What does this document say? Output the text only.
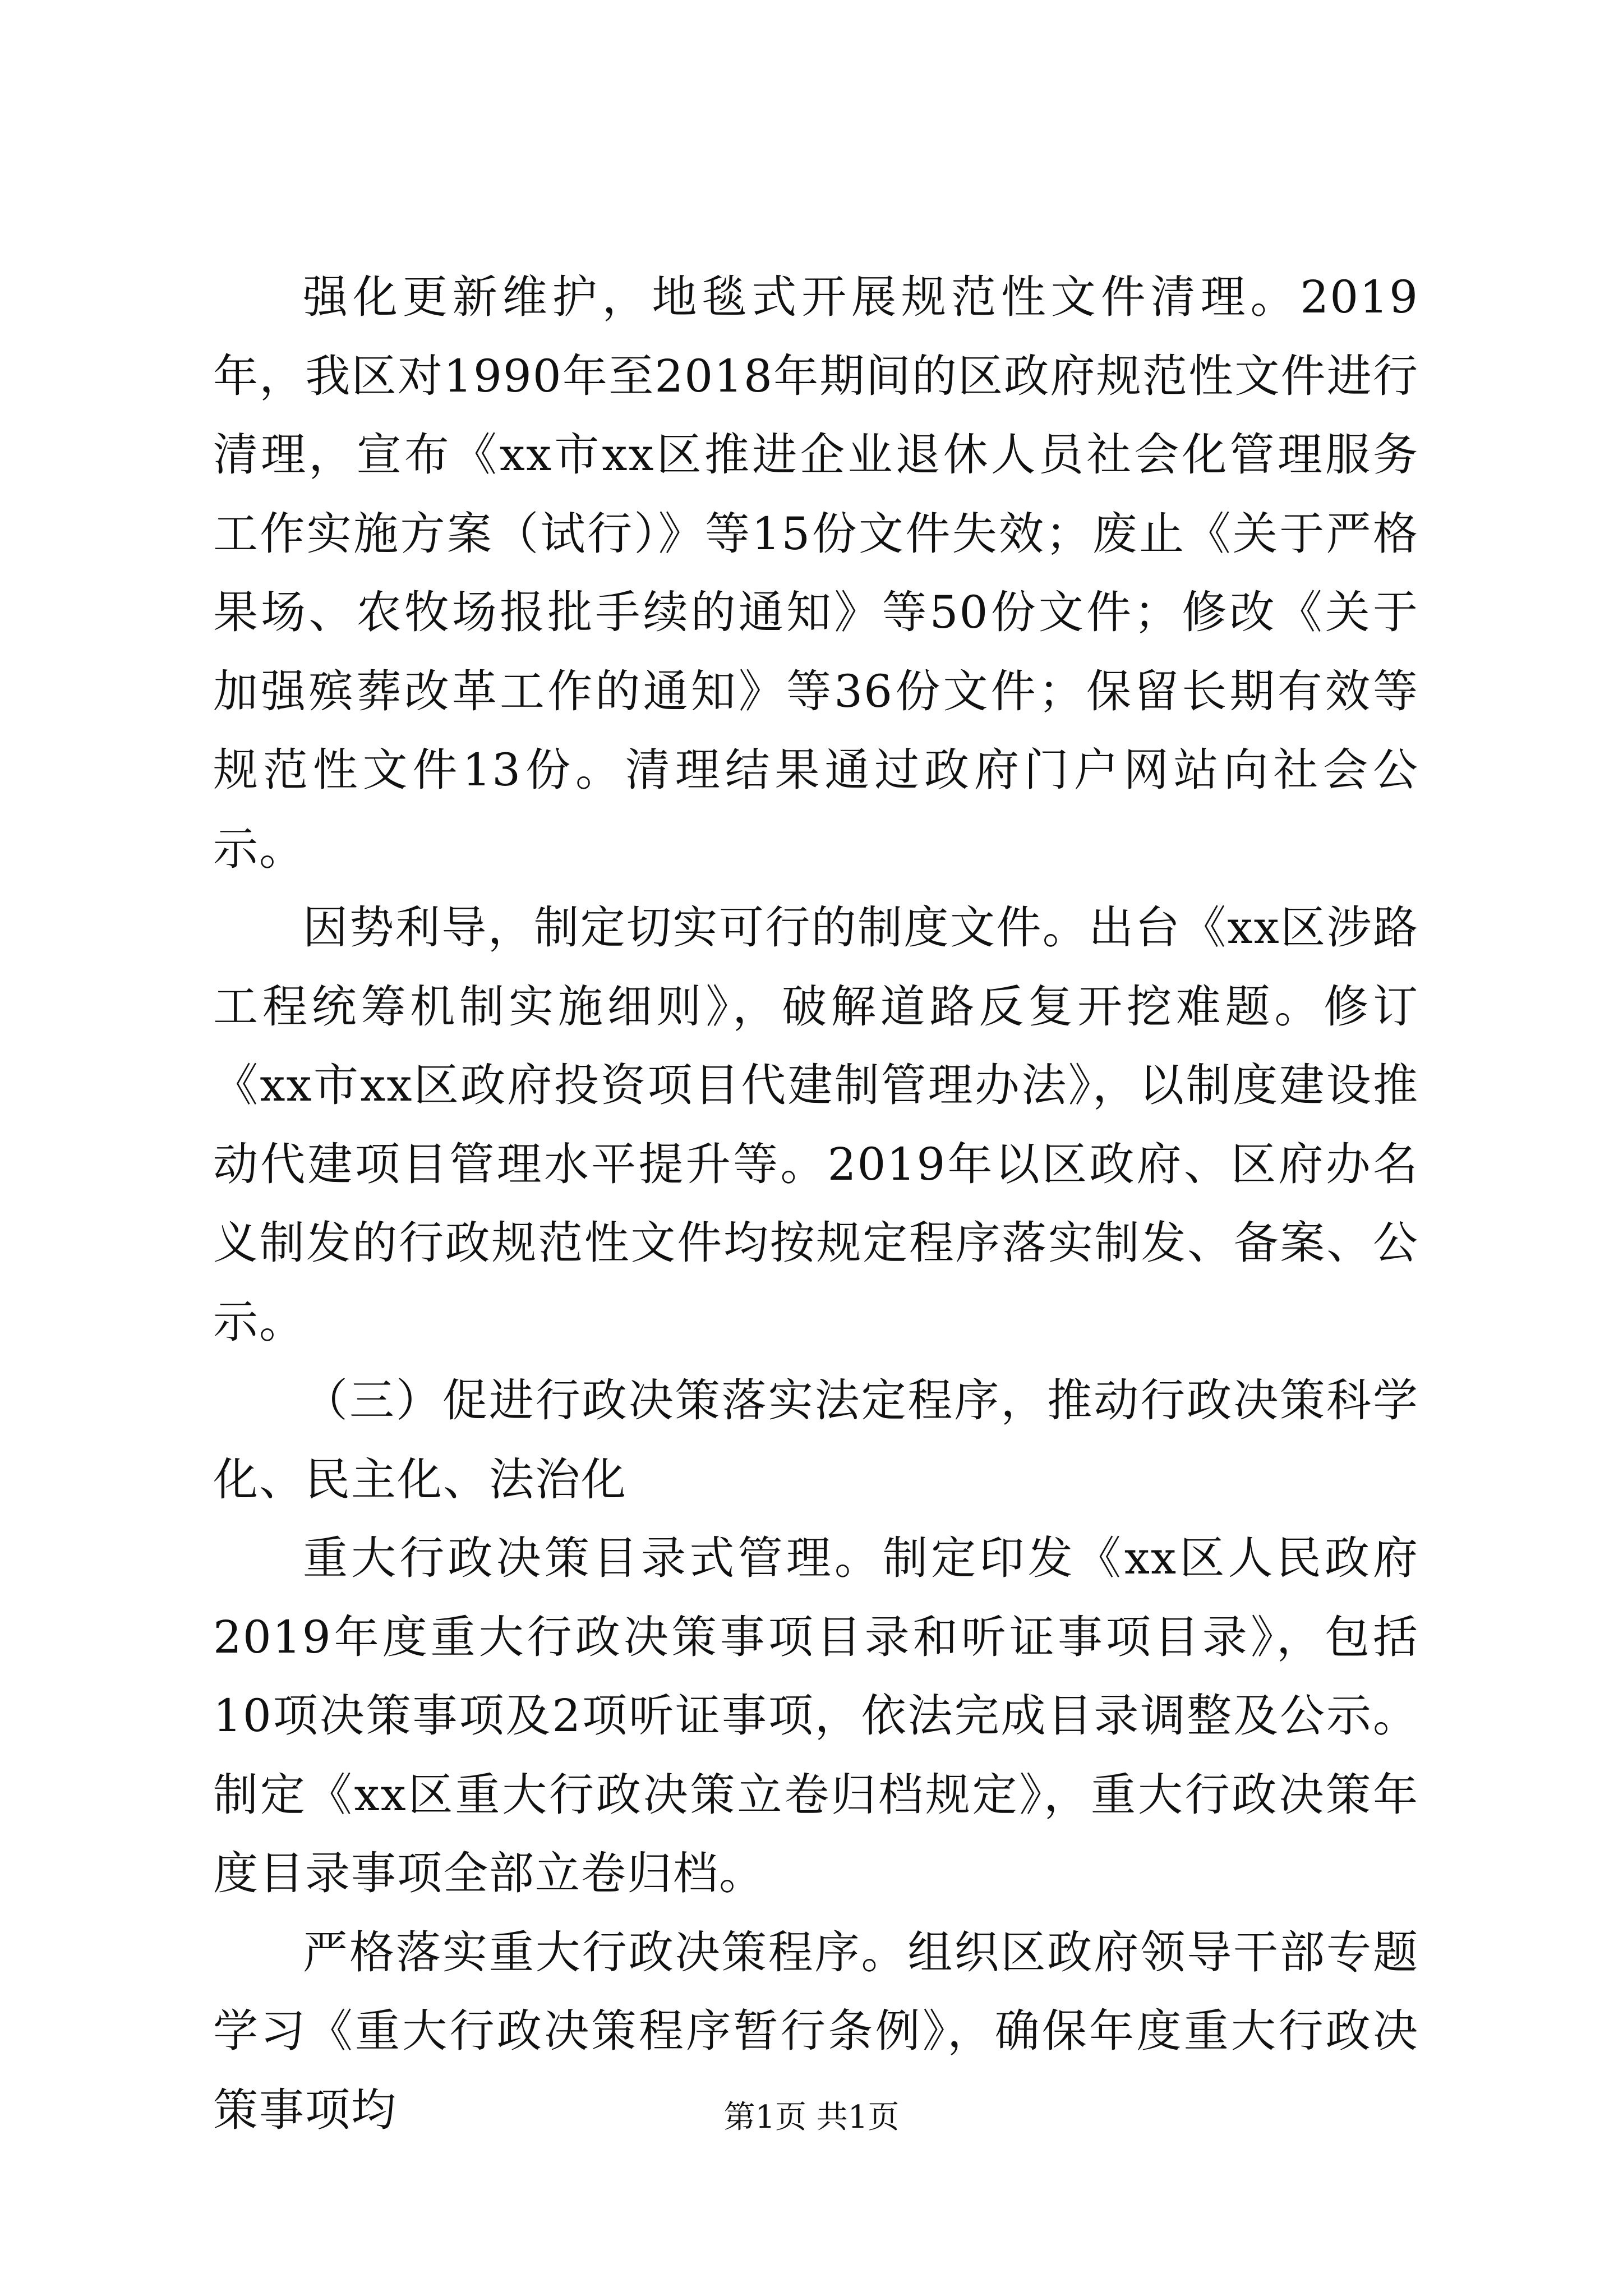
强化更新维护，地毯式开展规范性文件清理。2019年，我区对1990年至2018年期间的区政府规范性文件进行清理，宣布《xx市xx区推进企业退休人员社会化管理服务工作实施方案（试行）》等15份文件失效；废止《关于严格果场、农牧场报批手续的通知》等50份文件；修改《关于加强殡葬改革工作的通知》等36份文件；保留长期有效等规范性文件13份。清理结果通过政府门户网站向社会公示。

因势利导，制定切实可行的制度文件。出台《xx区涉路工程统筹机制实施细则》，破解道路反复开挖难题。修订《xx市xx区政府投资项目代建制管理办法》，以制度建设推动代建项目管理水平提升等。2019年以区政府、区府办名义制发的行政规范性文件均按规定程序落实制发、备案、公示。

（三）促进行政决策落实法定程序，推动行政决策科学化、民主化、法治化

重大行政决策目录式管理。制定印发《xx区人民政府2019年度重大行政决策事项目录和听证事项目录》，包括10项决策事项及2项听证事项，依法完成目录调整及公示。制定《xx区重大行政决策立卷归档规定》，重大行政决策年度目录事项全部立卷归档。

严格落实重大行政决策程序。组织区政府领导干部专题学习《重大行政决策程序暂行条例》，确保年度重大行政决策事项均	第1页 共1页
